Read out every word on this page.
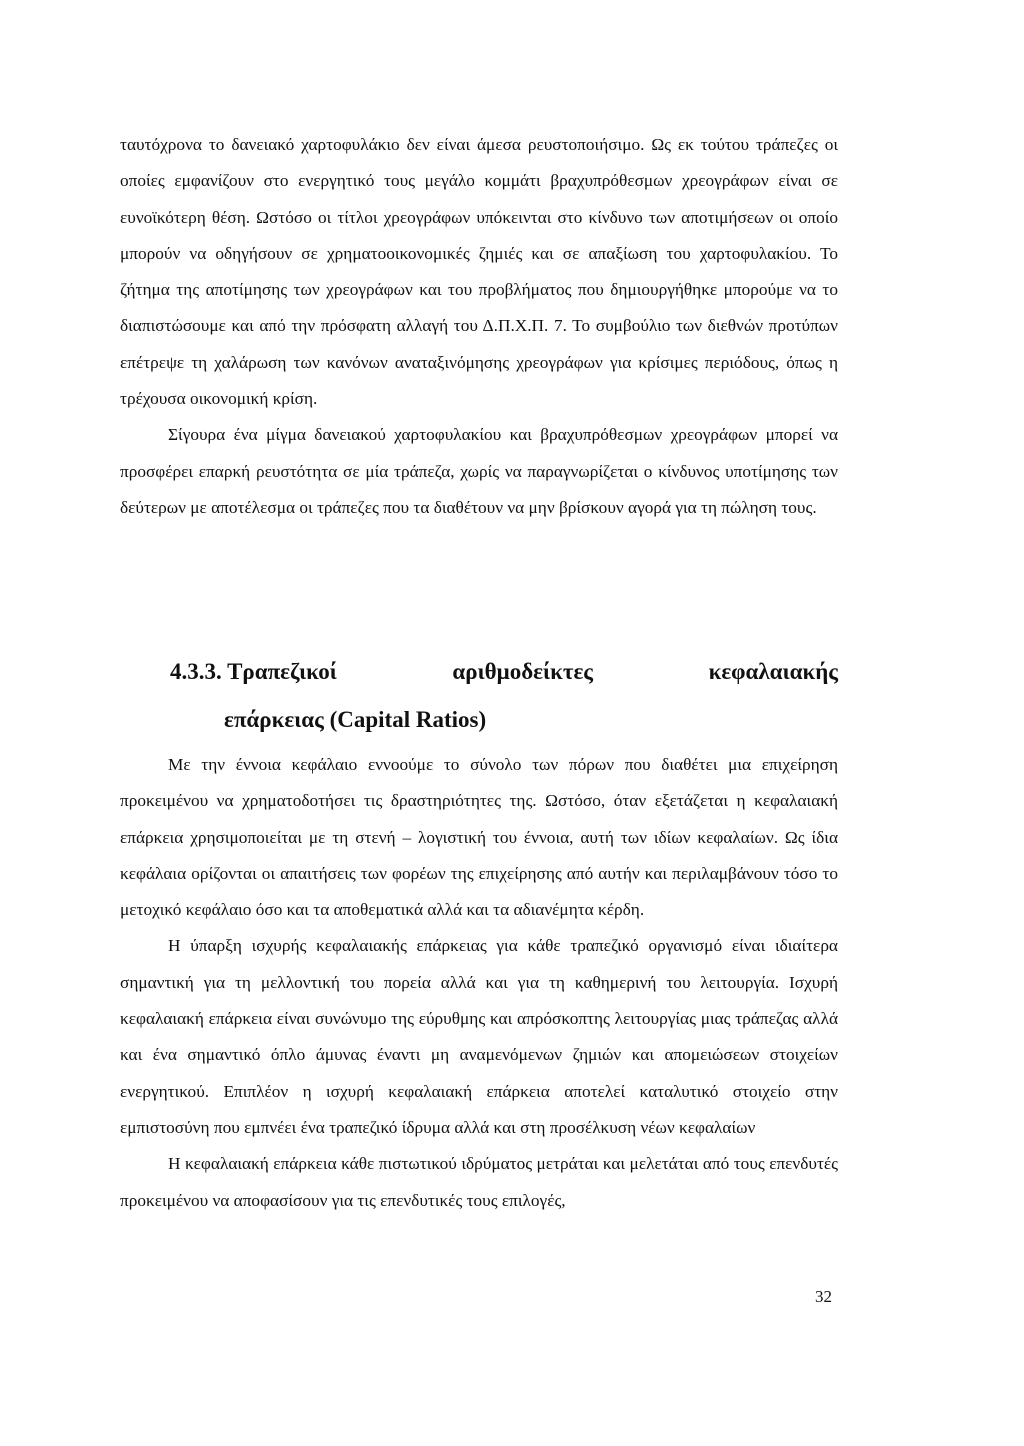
ταυτόχρονα το δανειακό χαρτοφυλάκιο δεν είναι άμεσα ρευστοποιήσιμο. Ως εκ τούτου τράπεζες οι οποίες εμφανίζουν στο ενεργητικό τους μεγάλο κομμάτι βραχυπρόθεσμων χρεογράφων είναι σε ευνοϊκότερη θέση. Ωστόσο οι τίτλοι χρεογράφων υπόκεινται στο κίνδυνο των αποτιμήσεων οι οποίο μπορούν να οδηγήσουν σε χρηματοοικονομικές ζημιές και σε απαξίωση του χαρτοφυλακίου. Το ζήτημα της αποτίμησης των χρεογράφων και του προβλήματος που δημιουργήθηκε μπορούμε να το διαπιστώσουμε και από την πρόσφατη αλλαγή του Δ.Π.Χ.Π. 7. Το συμβούλιο των διεθνών προτύπων επέτρεψε τη χαλάρωση των κανόνων αναταξινόμησης χρεογράφων για κρίσιμες περιόδους, όπως η τρέχουσα οικονομική κρίση.

Σίγουρα ένα μίγμα δανειακού χαρτοφυλακίου και βραχυπρόθεσμων χρεογράφων μπορεί να προσφέρει επαρκή ρευστότητα σε μία τράπεζα, χωρίς να παραγνωρίζεται ο κίνδυνος υποτίμησης των δεύτερων με αποτέλεσμα οι τράπεζες που τα διαθέτουν να μην βρίσκουν αγορά για τη πώληση τους.

4.3.3. Τραπεζικοί	αριθμοδείκτες	κεφαλαιακής
επάρκειας (Capital Ratios)

Με την έννοια κεφάλαιο εννοούμε το σύνολο των πόρων που διαθέτει μια επιχείρηση προκειμένου να χρηματοδοτήσει τις δραστηριότητες της. Ωστόσο, όταν εξετάζεται η κεφαλαιακή επάρκεια χρησιμοποιείται με τη στενή – λογιστική του έννοια, αυτή των ιδίων κεφαλαίων. Ως ίδια κεφάλαια ορίζονται οι απαιτήσεις των φορέων της επιχείρησης από αυτήν και περιλαμβάνουν τόσο το μετοχικό κεφάλαιο όσο και τα αποθεματικά αλλά και τα αδιανέμητα κέρδη.

Η ύπαρξη ισχυρής κεφαλαιακής επάρκειας για κάθε τραπεζικό οργανισμό είναι ιδιαίτερα σημαντική για τη μελλοντική του πορεία αλλά και για τη καθημερινή του λειτουργία. Ισχυρή κεφαλαιακή επάρκεια είναι συνώνυμο της εύρυθμης και απρόσκοπτης λειτουργίας μιας τράπεζας αλλά και ένα σημαντικό όπλο άμυνας έναντι μη αναμενόμενων ζημιών και απομειώσεων στοιχείων ενεργητικού. Επιπλέον η ισχυρή κεφαλαιακή επάρκεια αποτελεί καταλυτικό στοιχείο στην εμπιστοσύνη που εμπνέει ένα τραπεζικό ίδρυμα αλλά και στη προσέλκυση νέων κεφαλαίων

Η κεφαλαιακή επάρκεια κάθε πιστωτικού ιδρύματος μετράται και μελετάται από τους επενδυτές προκειμένου να αποφασίσουν για τις επενδυτικές τους επιλογές,

32
